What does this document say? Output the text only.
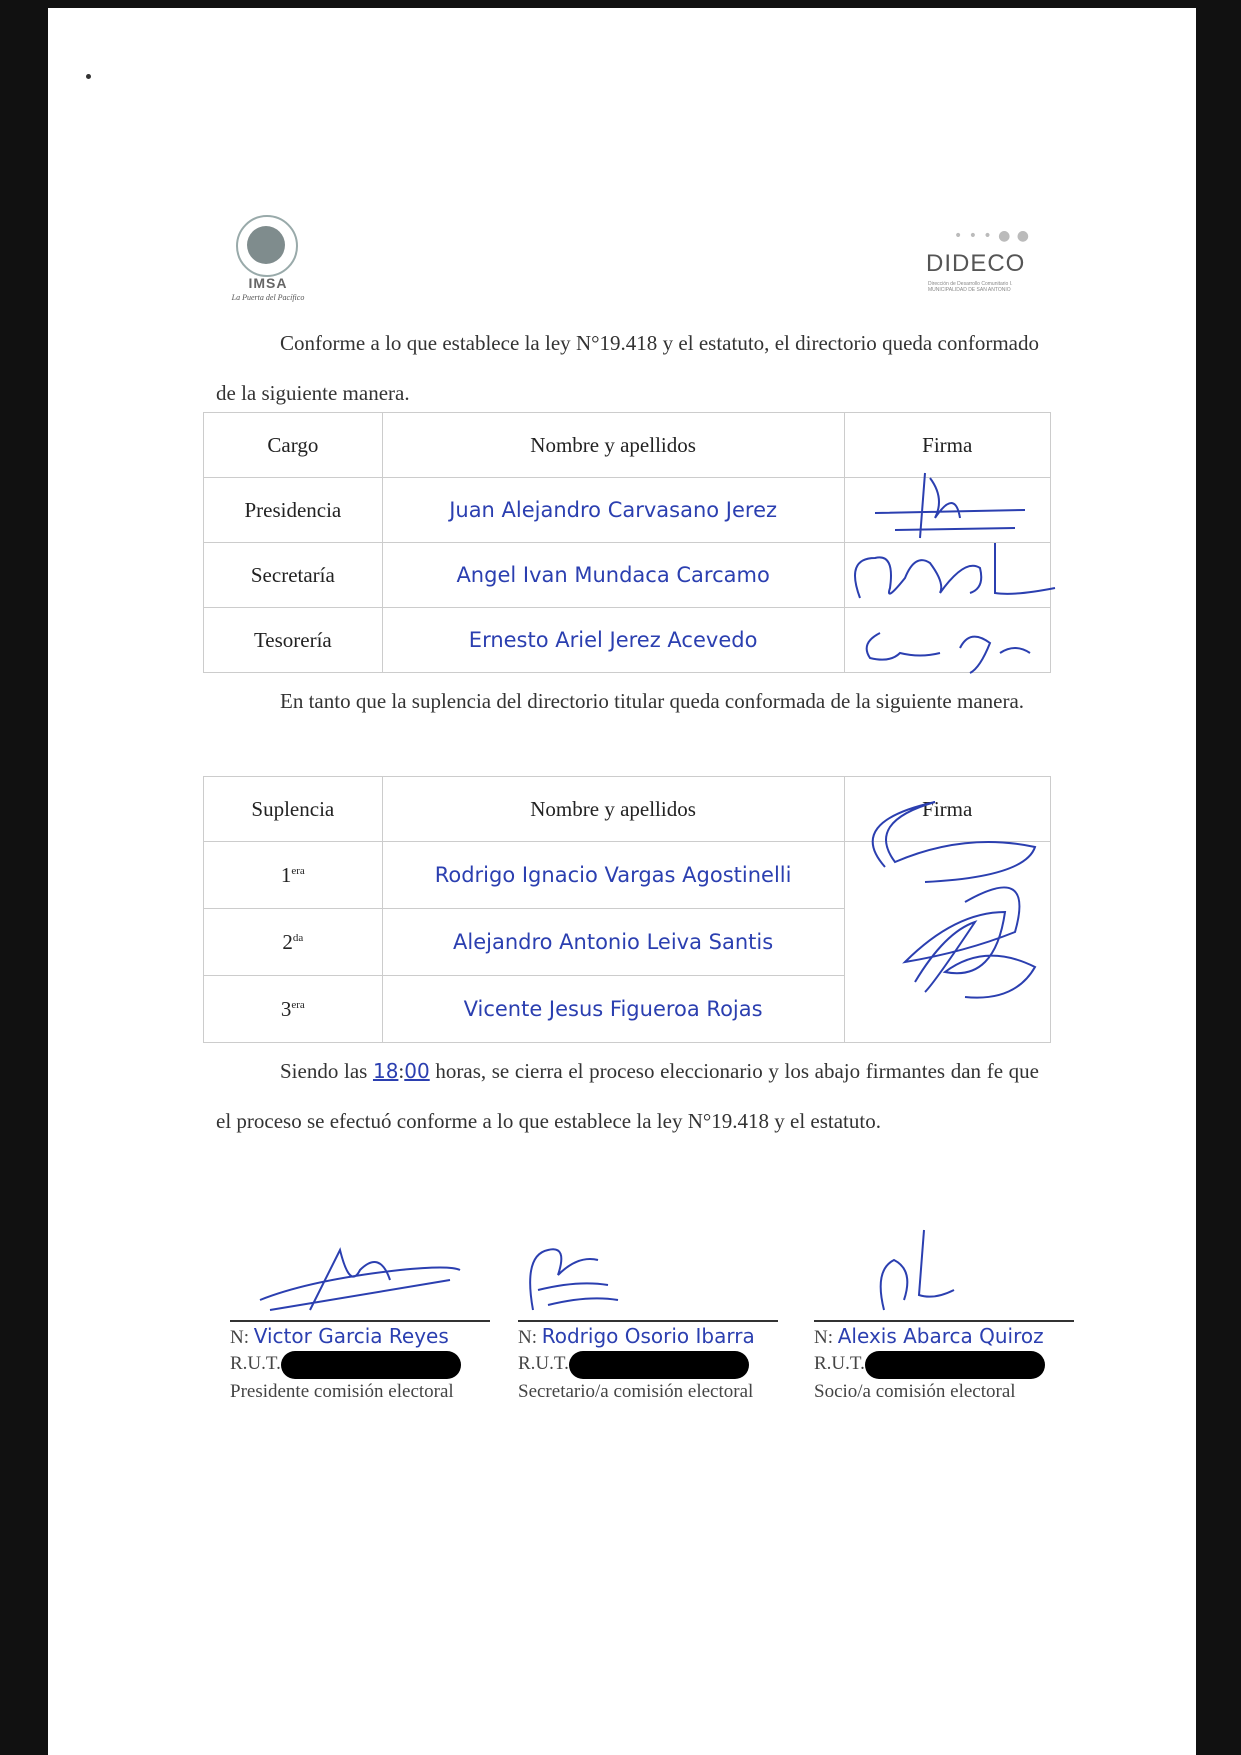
IMSA
La Puerta del Pacífico
• • • ● ●
DIDECO
Dirección de Desarrollo Comunitario I. MUNICIPALIDAD DE SAN ANTONIO
Conforme a lo que establece la ley N°19.418 y el estatuto, el directorio queda conformado de la siguiente manera.
Cargo	Nombre y apellidos	Firma
Presidencia	Juan Alejandro Carvasano Jerez	

Secretaría	Angel Ivan Mundaca Carcamo	

Tesorería	Ernesto Ariel Jerez Acevedo	
En tanto que la suplencia del directorio titular queda conformada de la siguiente manera.
Suplencia	Nombre y apellidos	Firma
$1^{era}$	Rodrigo Ignacio Vargas Agostinelli	

$2^{da}$	Alejandro Antonio Leiva Santis	
$3^{era}$	Vicente Jesus Figueroa Rojas	
Siendo las 18:00 horas, se cierra el proceso eleccionario y los abajo firmantes dan fe que el proceso se efectuó conforme a lo que establece la ley N°19.418 y el estatuto.
N: Victor Garcia Reyes
R.U.T.
Presidente comisión electoral
N: Rodrigo Osorio Ibarra
R.U.T.
Secretario/a comisión electoral
N: Alexis Abarca Quiroz
R.U.T.
Socio/a comisión electoral
